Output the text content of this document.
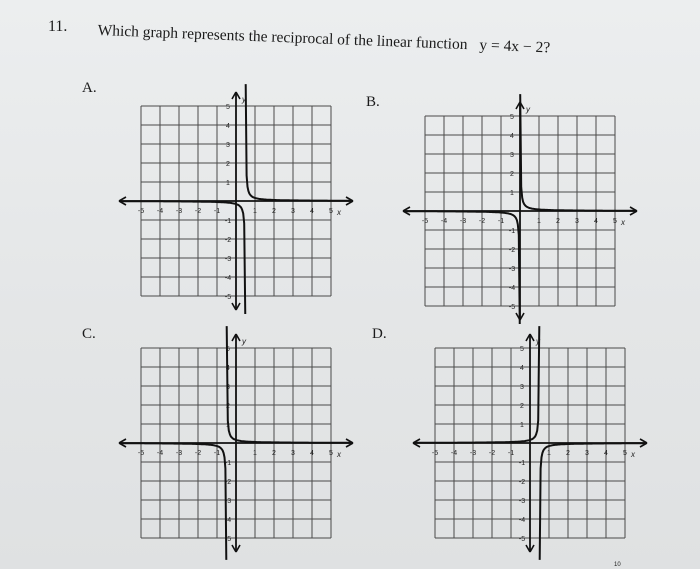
11. Which graph represents the reciprocal of the linear function y = 4x − 2?
A.
B.
C.	D.
-5 -4 -3 -2 -1	1 2 3 4 5
5
4
3
2
1
-1
-2
-3
-4
-5
x
y
-5 -4 -3 -2 -1	1 2 3 4 5
5
4
3
2
1
-1
-2
-3
-4
-5
x
y
-5 -4 -3 -2 -1	1 2 3 4 5
5
4
3
2
1
-1
-2
-3
-4
-5
x
y
-5 -4 -3 -2 -1	1 2 3 4 5
5
4
3
2
1
-1
-2
-3
-4
-5
x
y
10
